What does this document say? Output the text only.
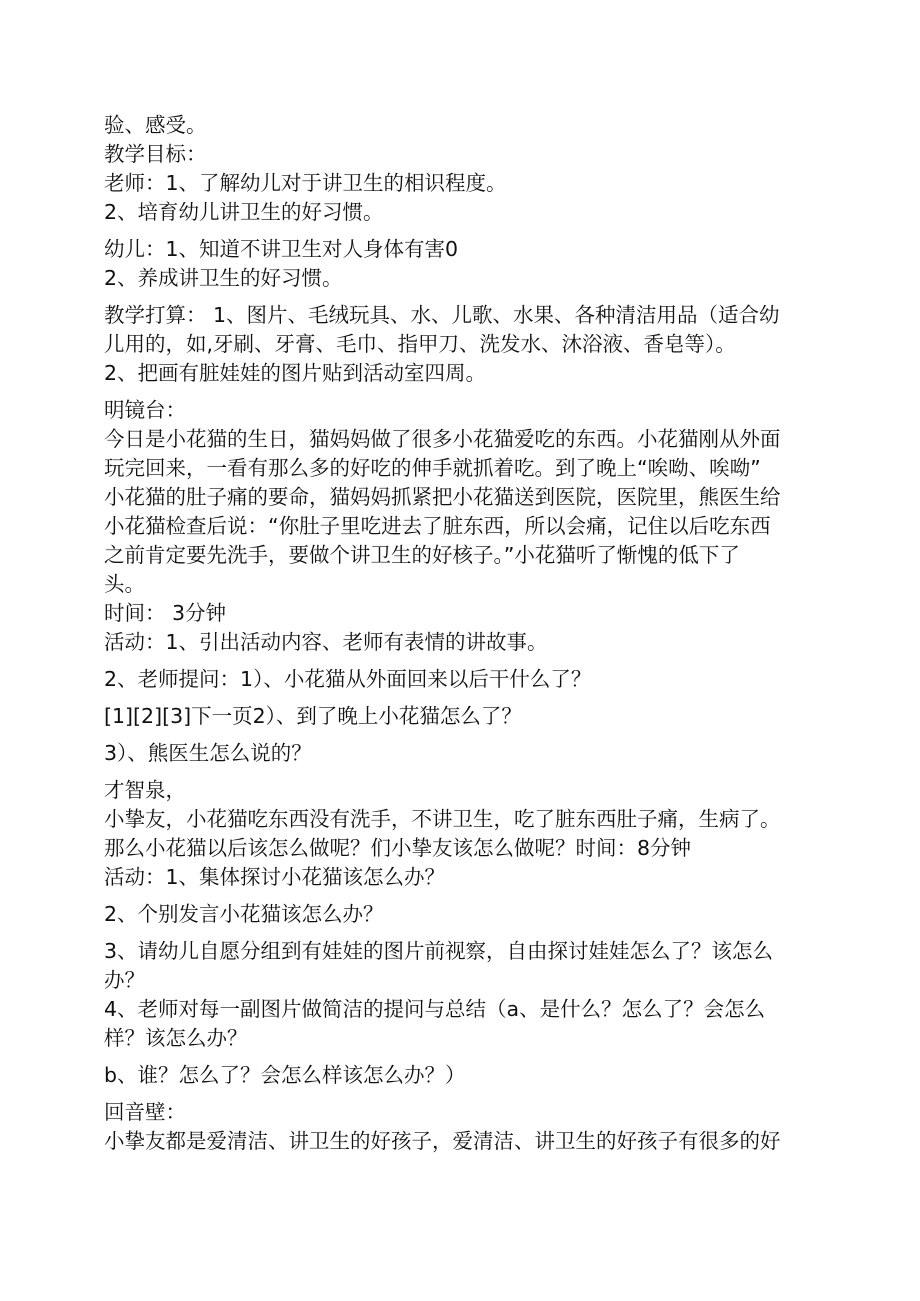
验、感受。
教学目标：
老师：1、了解幼儿对于讲卫生的相识程度。
2、培育幼儿讲卫生的好习惯。
幼儿：1、知道不讲卫生对人身体有害0
2、养成讲卫生的好习惯。
教学打算： 1、图片、毛绒玩具、水、儿歌、水果、各种清洁用品（适合幼
儿用的，如,牙刷、牙膏、毛巾、指甲刀、洗发水、沐浴液、香皂等）。
2、把画有脏娃娃的图片贴到活动室四周。
明镜台：
今日是小花猫的生日，猫妈妈做了很多小花猫爱吃的东西。小花猫刚从外面
玩完回来，一看有那么多的好吃的伸手就抓着吃。到了晚上“唉呦、唉呦”
小花猫的肚子痛的要命，猫妈妈抓紧把小花猫送到医院，医院里，熊医生给
小花猫检查后说：“你肚子里吃进去了脏东西，所以会痛，记住以后吃东西
之前肯定要先洗手，要做个讲卫生的好核子。”小花猫听了惭愧的低下了
头。
时间： 3分钟
活动：1、引出活动内容、老师有表情的讲故事。
2、老师提问：1）、小花猫从外面回来以后干什么了？
[1][2][3]下一页2）、到了晚上小花猫怎么了？
3）、熊医生怎么说的？
才智泉，
小挚友，小花猫吃东西没有洗手，不讲卫生，吃了脏东西肚子痛，生病了。
那么小花猫以后该怎么做呢？们小挚友该怎么做呢？时间：8分钟
活动：1、集体探讨小花猫该怎么办？
2、个别发言小花猫该怎么办？
3、请幼儿自愿分组到有娃娃的图片前视察，自由探讨娃娃怎么了？该怎么
办？
4、老师对每一副图片做简洁的提问与总结（a、是什么？怎么了？会怎么
样？该怎么办？
b、谁？怎么了？会怎么样该怎么办？）
回音壁：
小挚友都是爱清洁、讲卫生的好孩子，爱清洁、讲卫生的好孩子有很多的好
